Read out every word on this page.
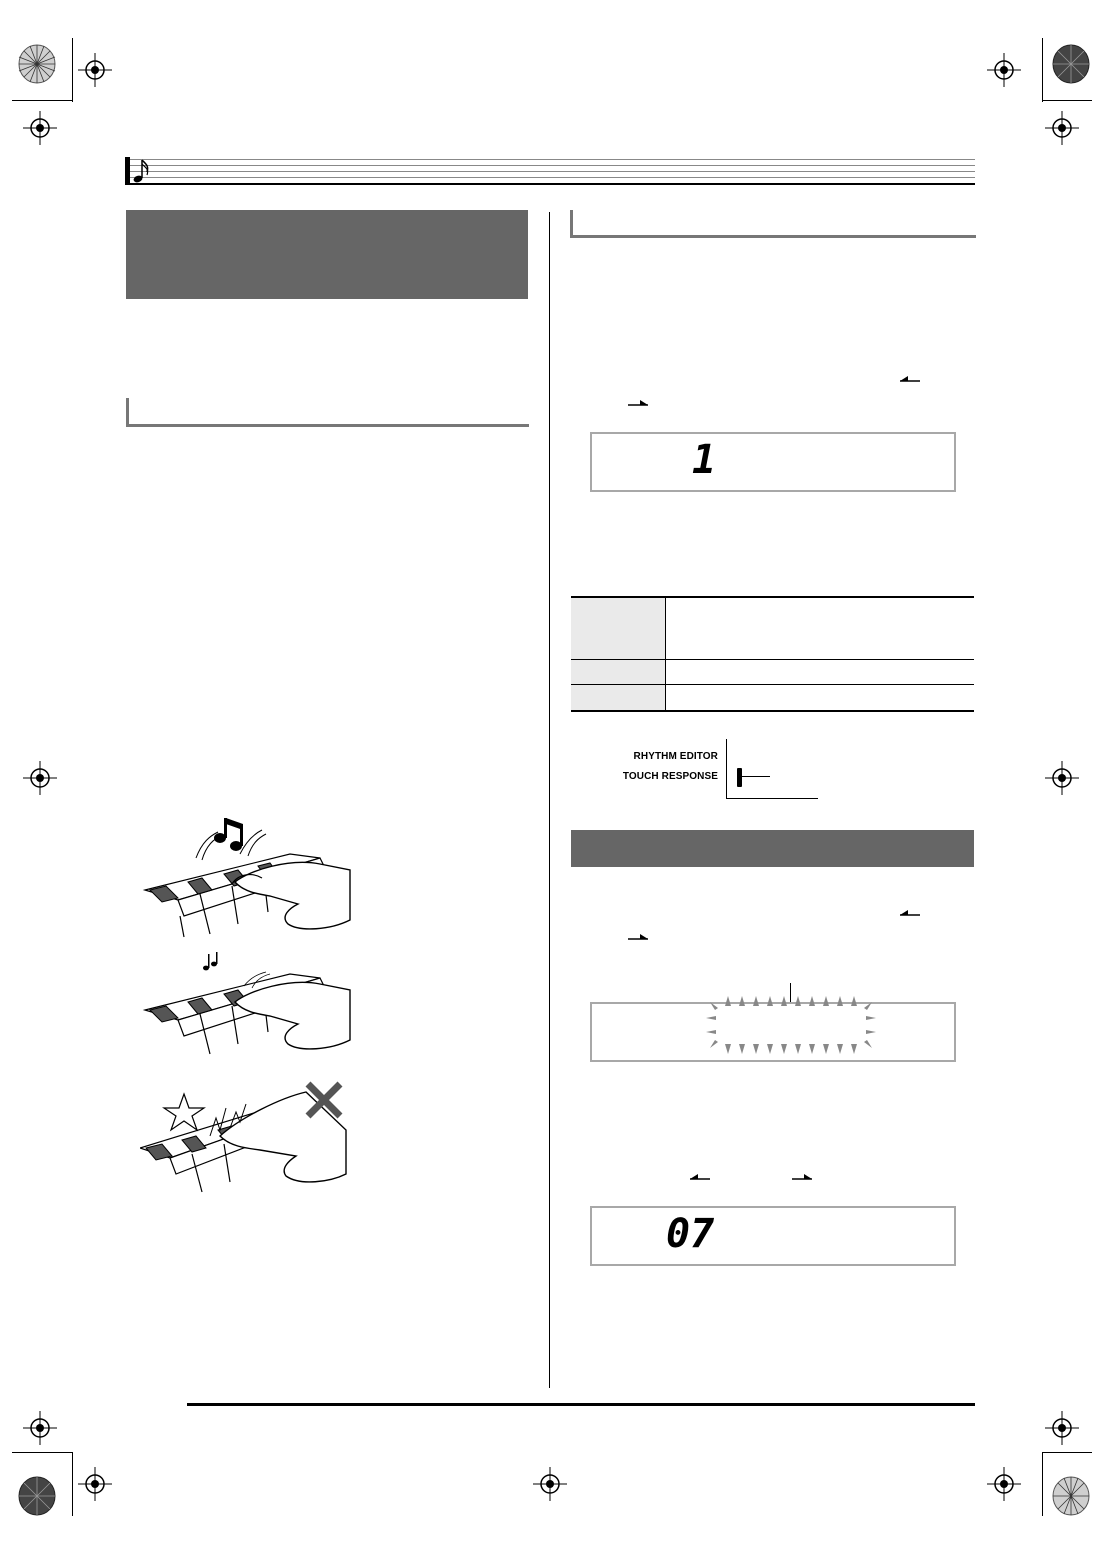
1
RHYTHM EDITOR
TOUCH RESPONSE
07
